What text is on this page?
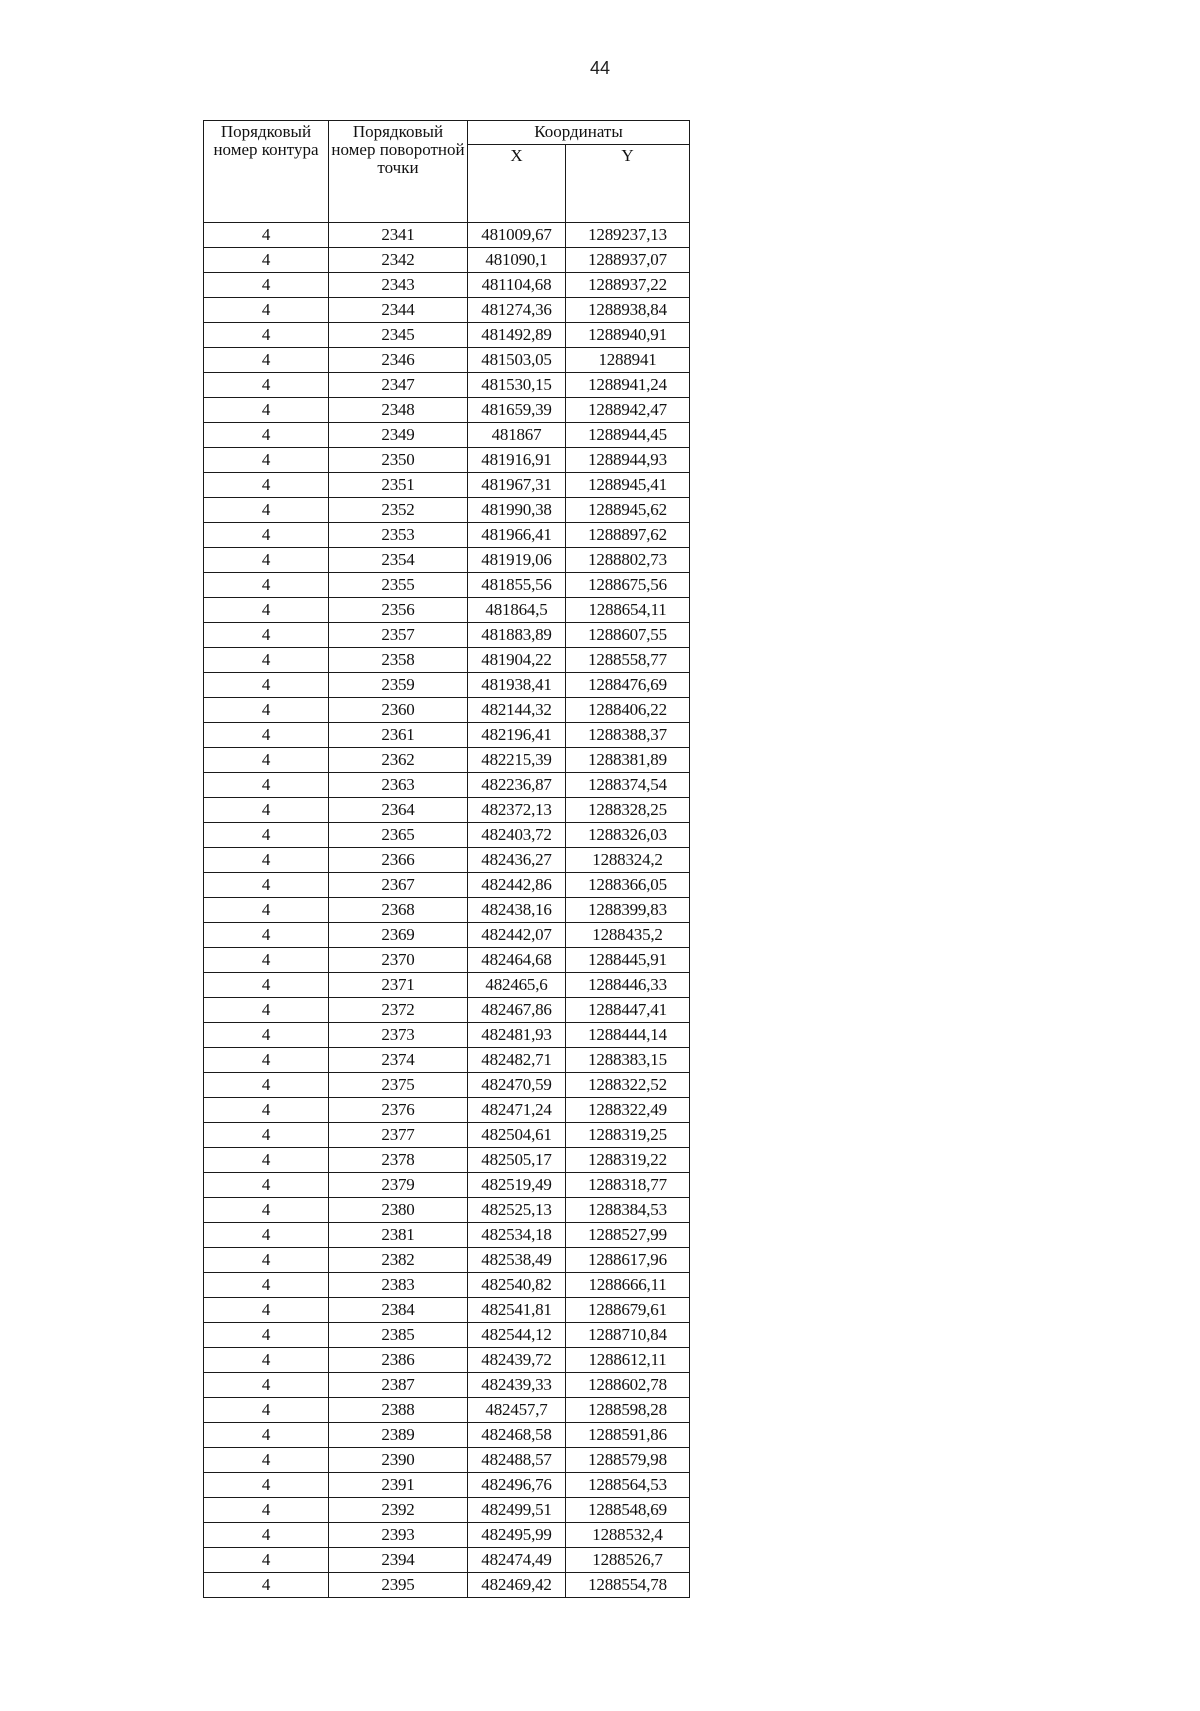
44
Порядковый номер контура	Порядковый номер поворотной точки	Координаты	
		X	Y
4	2341	481009,67	1289237,13
4	2342	481090,1	1288937,07
4	2343	481104,68	1288937,22
4	2344	481274,36	1288938,84
4	2345	481492,89	1288940,91
4	2346	481503,05	1288941
4	2347	481530,15	1288941,24
4	2348	481659,39	1288942,47
4	2349	481867	1288944,45
4	2350	481916,91	1288944,93
4	2351	481967,31	1288945,41
4	2352	481990,38	1288945,62
4	2353	481966,41	1288897,62
4	2354	481919,06	1288802,73
4	2355	481855,56	1288675,56
4	2356	481864,5	1288654,11
4	2357	481883,89	1288607,55
4	2358	481904,22	1288558,77
4	2359	481938,41	1288476,69
4	2360	482144,32	1288406,22
4	2361	482196,41	1288388,37
4	2362	482215,39	1288381,89
4	2363	482236,87	1288374,54
4	2364	482372,13	1288328,25
4	2365	482403,72	1288326,03
4	2366	482436,27	1288324,2
4	2367	482442,86	1288366,05
4	2368	482438,16	1288399,83
4	2369	482442,07	1288435,2
4	2370	482464,68	1288445,91
4	2371	482465,6	1288446,33
4	2372	482467,86	1288447,41
4	2373	482481,93	1288444,14
4	2374	482482,71	1288383,15
4	2375	482470,59	1288322,52
4	2376	482471,24	1288322,49
4	2377	482504,61	1288319,25
4	2378	482505,17	1288319,22
4	2379	482519,49	1288318,77
4	2380	482525,13	1288384,53
4	2381	482534,18	1288527,99
4	2382	482538,49	1288617,96
4	2383	482540,82	1288666,11
4	2384	482541,81	1288679,61
4	2385	482544,12	1288710,84
4	2386	482439,72	1288612,11
4	2387	482439,33	1288602,78
4	2388	482457,7	1288598,28
4	2389	482468,58	1288591,86
4	2390	482488,57	1288579,98
4	2391	482496,76	1288564,53
4	2392	482499,51	1288548,69
4	2393	482495,99	1288532,4
4	2394	482474,49	1288526,7
4	2395	482469,42	1288554,78
